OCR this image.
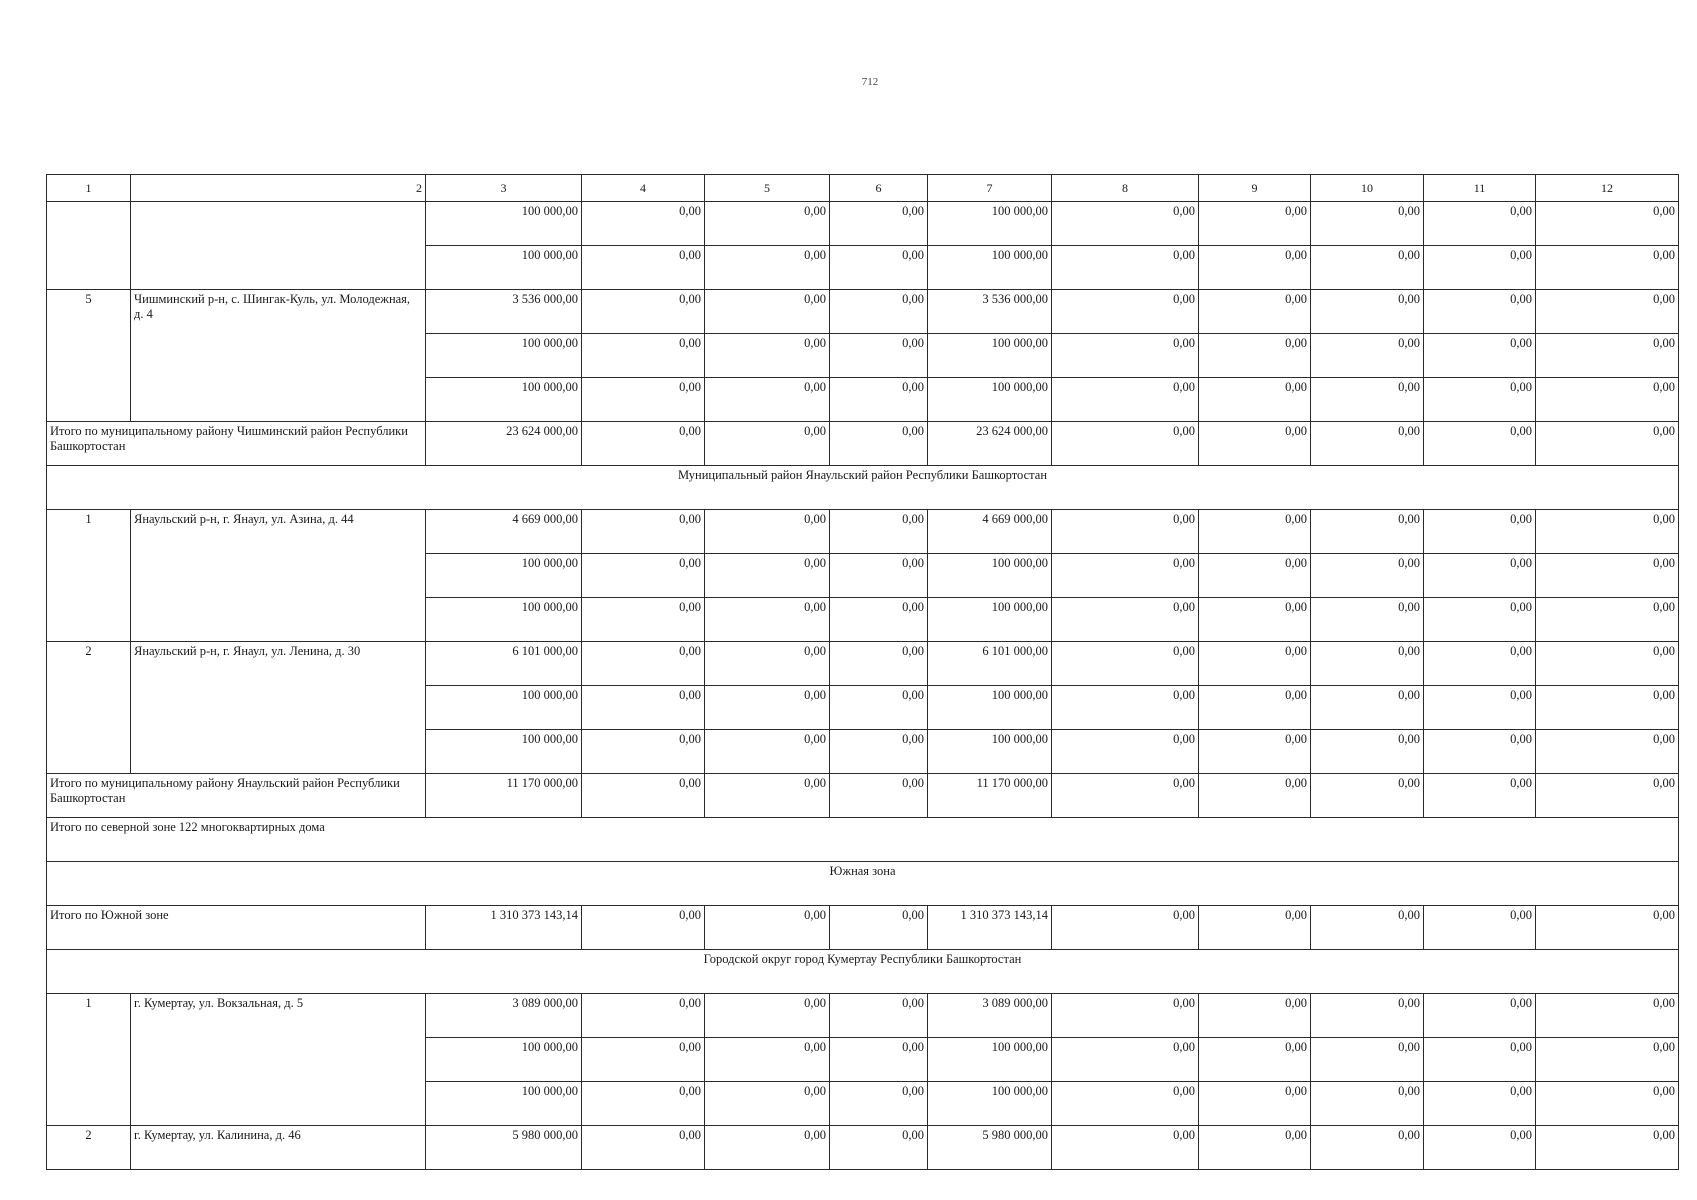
712
1	2	3	4	5	6	7	8	9	10	11	12
		100 000,00	0,00	0,00	0,00	100 000,00	0,00	0,00	0,00	0,00	0,00
		100 000,00	0,00	0,00	0,00	100 000,00	0,00	0,00	0,00	0,00	0,00
5	Чишминский р-н, с. Шингак-Куль, ул. Молодежная, д. 4	3 536 000,00	0,00	0,00	0,00	3 536 000,00	0,00	0,00	0,00	0,00	0,00
		100 000,00	0,00	0,00	0,00	100 000,00	0,00	0,00	0,00	0,00	0,00
		100 000,00	0,00	0,00	0,00	100 000,00	0,00	0,00	0,00	0,00	0,00
Итого по муниципальному району Чишминский район Республики Башкортостан		23 624 000,00	0,00	0,00	0,00	23 624 000,00	0,00	0,00	0,00	0,00	0,00
Муниципальный район Янаульский район Республики Башкортостан											
1	Янаульский р-н, г. Янаул, ул. Азина, д. 44	4 669 000,00	0,00	0,00	0,00	4 669 000,00	0,00	0,00	0,00	0,00	0,00
		100 000,00	0,00	0,00	0,00	100 000,00	0,00	0,00	0,00	0,00	0,00
		100 000,00	0,00	0,00	0,00	100 000,00	0,00	0,00	0,00	0,00	0,00
2	Янаульский р-н, г. Янаул, ул. Ленина, д. 30	6 101 000,00	0,00	0,00	0,00	6 101 000,00	0,00	0,00	0,00	0,00	0,00
		100 000,00	0,00	0,00	0,00	100 000,00	0,00	0,00	0,00	0,00	0,00
		100 000,00	0,00	0,00	0,00	100 000,00	0,00	0,00	0,00	0,00	0,00
Итого по муниципальному району Янаульский район Республики Башкортостан		11 170 000,00	0,00	0,00	0,00	11 170 000,00	0,00	0,00	0,00	0,00	0,00
Итого по северной зоне 122 многоквартирных дома											
Южная зона											
Итого по Южной зоне		1 310 373 143,14	0,00	0,00	0,00	1 310 373 143,14	0,00	0,00	0,00	0,00	0,00
Городской округ город Кумертау Республики Башкортостан											
1	г. Кумертау, ул. Вокзальная, д. 5	3 089 000,00	0,00	0,00	0,00	3 089 000,00	0,00	0,00	0,00	0,00	0,00
		100 000,00	0,00	0,00	0,00	100 000,00	0,00	0,00	0,00	0,00	0,00
		100 000,00	0,00	0,00	0,00	100 000,00	0,00	0,00	0,00	0,00	0,00
2	г. Кумертау, ул. Калинина, д. 46	5 980 000,00	0,00	0,00	0,00	5 980 000,00	0,00	0,00	0,00	0,00	0,00
